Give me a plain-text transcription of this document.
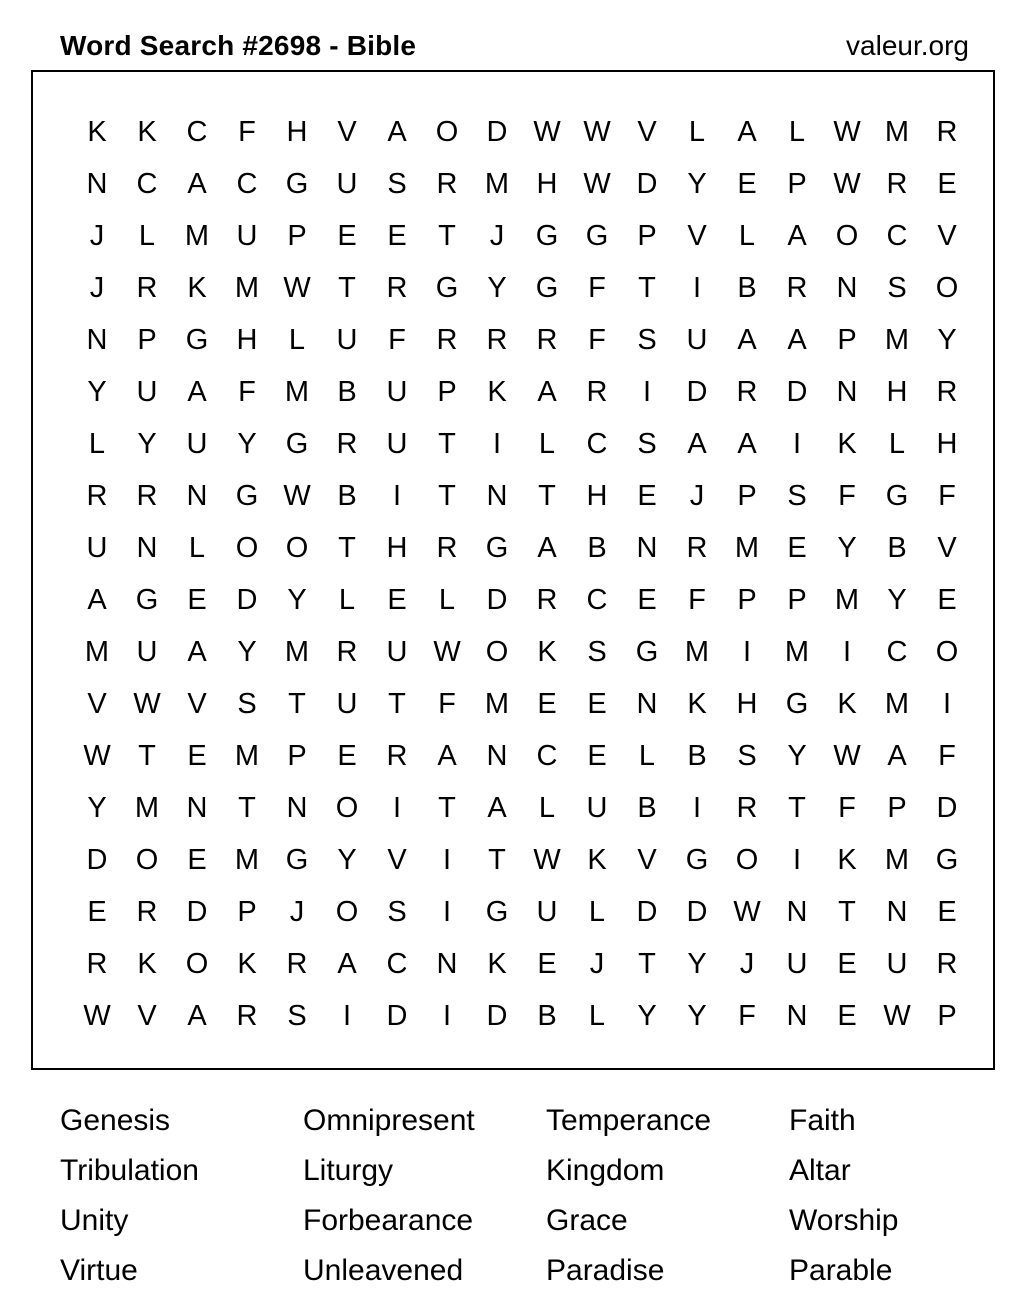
Word Search #2698 - Bible	valeur.org
K	K	C	F	H	V	A	O D W W V	L	A	L W M R
N	C	A	C G U	S	R M H W D	Y	E	P W R	E
J	L	M U	P	E	E	T	J	G G	P	V	L	A	O C	V
J	R	K M W T	R G	Y	G	F	T	I	B	R	N	S	O
N	P	G H	L	U	F	R	R	R	F	S	U	A	A	P M Y
Y	U	A	F	M B	U	P	K	A	R	I	D	R	D	N	H	R
L	Y	U	Y	G R	U	T	I	L	C	S	A	A	I	K	L	H
R	R	N G W B	I	T	N	T	H	E	J	P	S	F	G	F
U	N	L	O O	T	H	R G	A	B	N	R M E	Y	B	V
A	G	E	D	Y	L	E	L	D	R	C	E	F	P	P M Y	E
M U	A	Y M R	U W O	K	S	G M	I	M	I	C O
V W V	S	T	U	T	F	M E	E	N	K	H G	K M	I
W T	E M P	E	R	A	N	C	E	L	B	S	Y W A	F
Y M N	T	N O	I	T	A	L	U	B	I	R	T	F	P	D
D O	E M G	Y	V	I	T W K	V	G O	I	K M G
E	R	D	P	J	O	S	I	G U	L	D	D W N	T	N	E
R	K	O	K	R	A	C	N	K	E	J	T	Y	J	U	E	U	R
W V	A	R	S	I	D	I	D	B	L	Y	Y	F	N	E W P
Genesis	Omnipresent	Temperance	Faith
Tribulation	Liturgy	Kingdom	Altar
Unity	Forbearance	Grace	Worship
Virtue	Unleavened	Paradise	Parable
